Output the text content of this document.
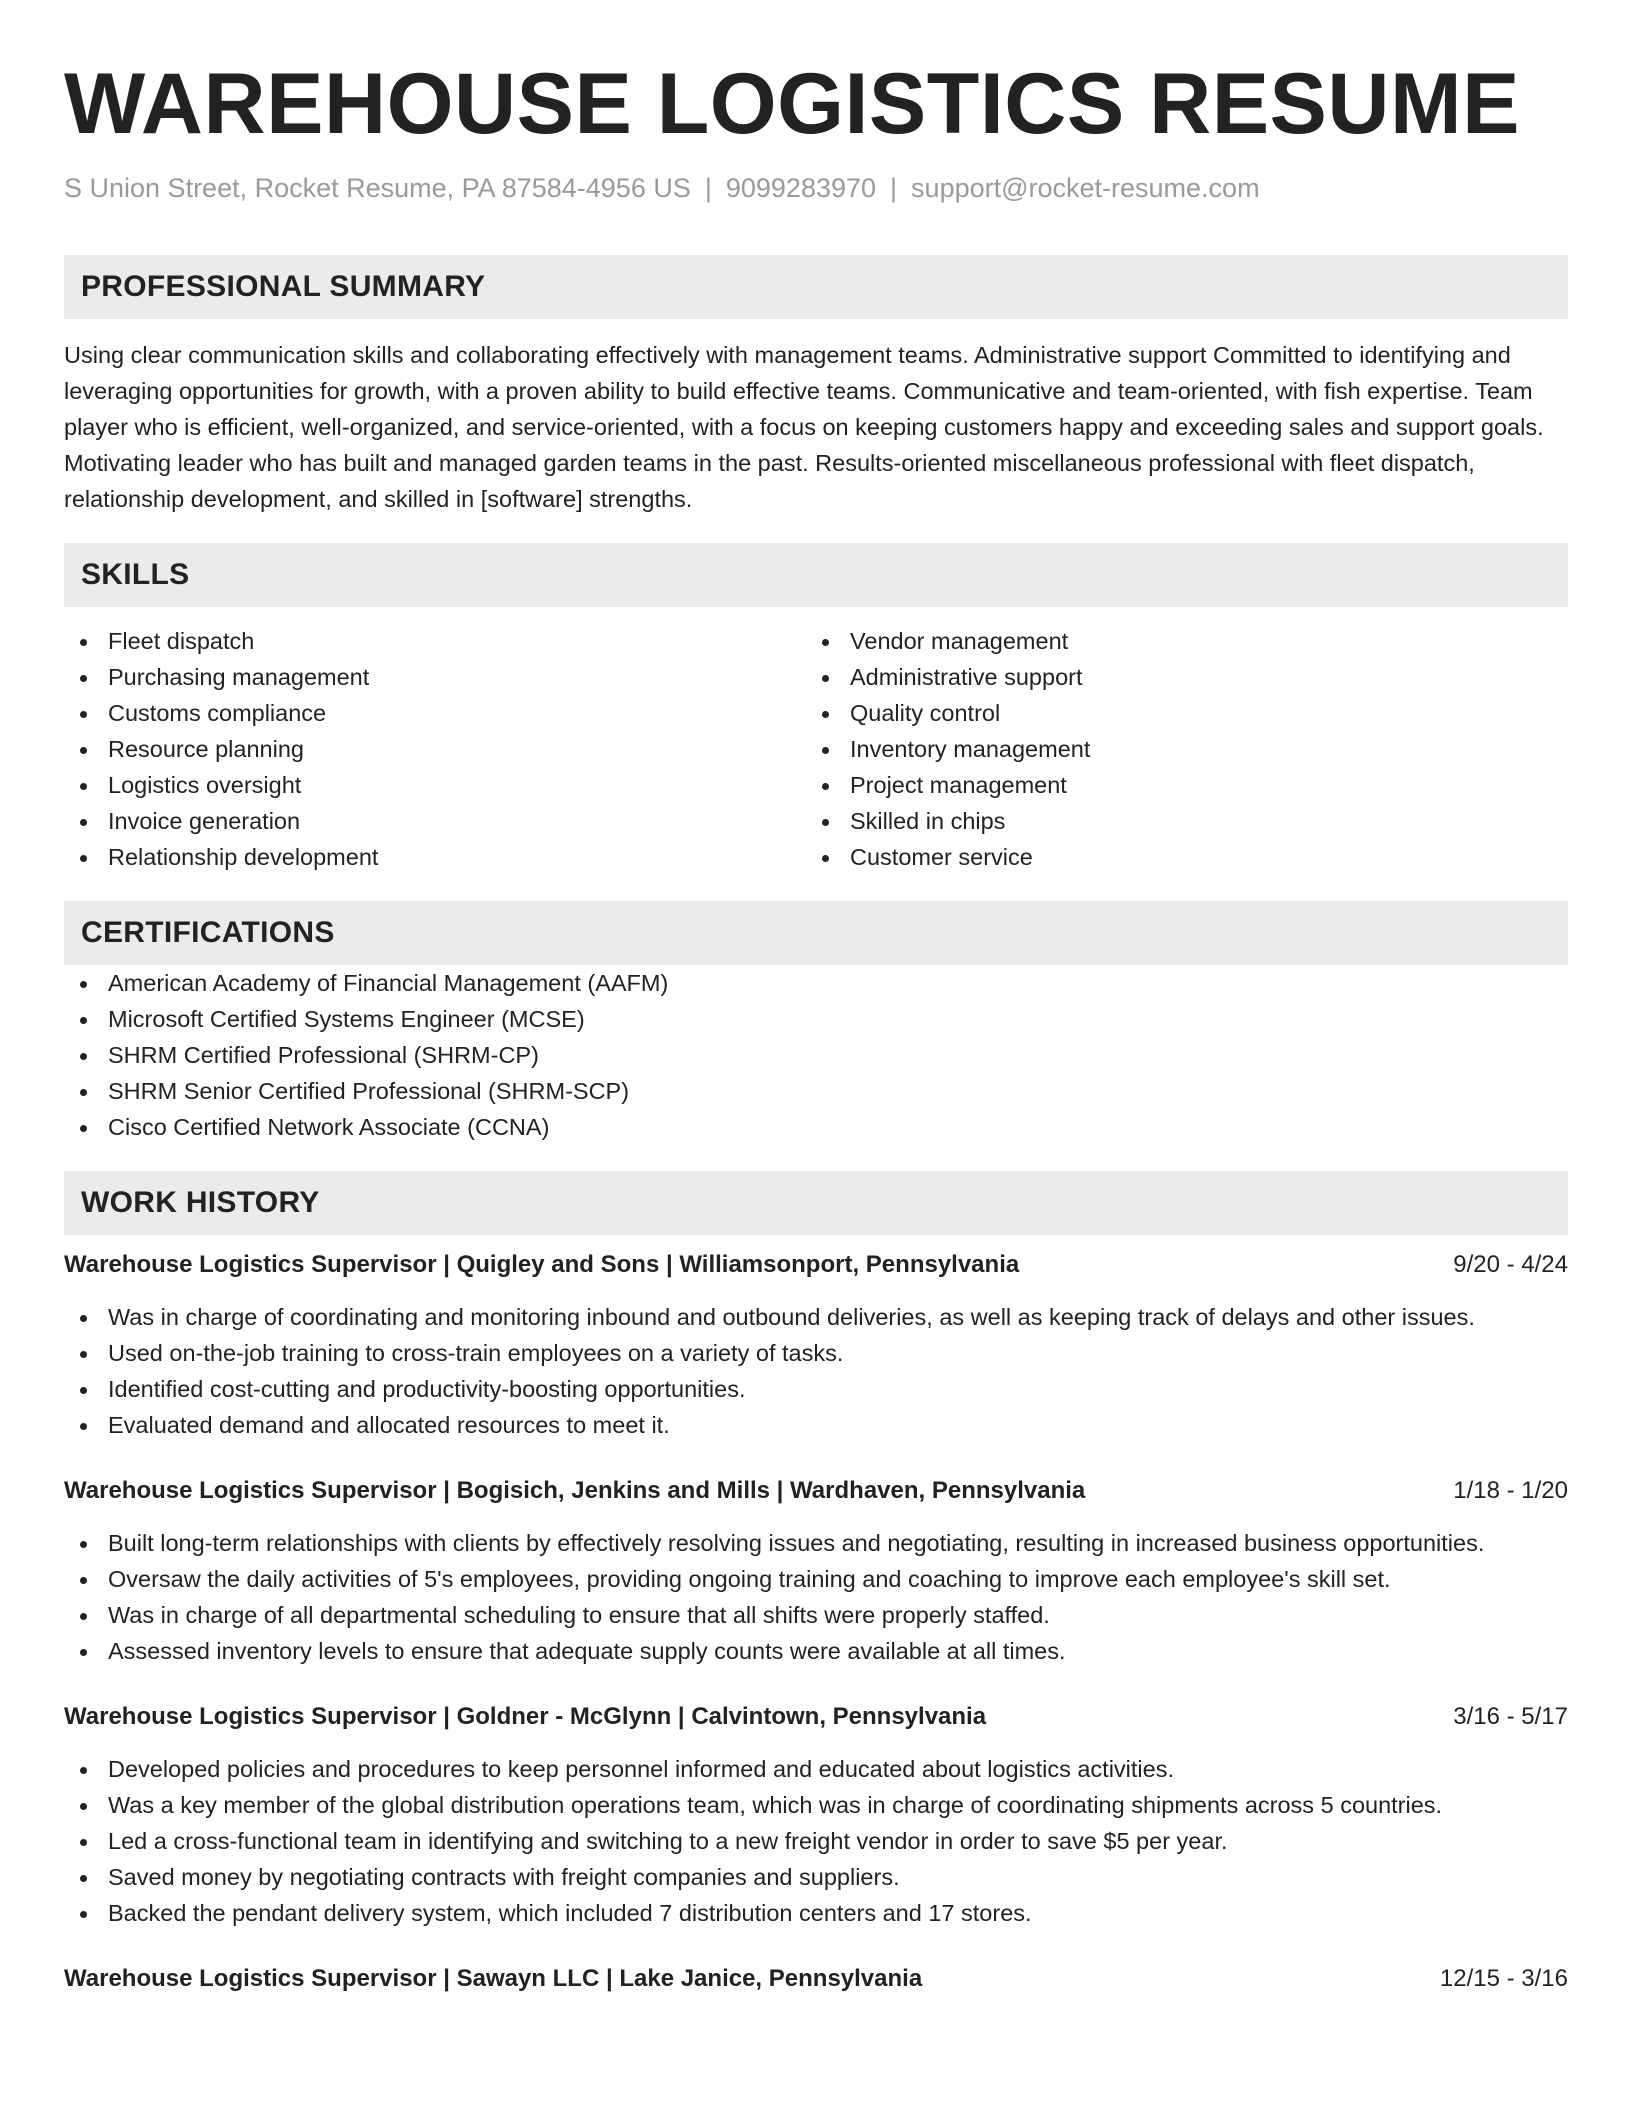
WAREHOUSE LOGISTICS RESUME
S Union Street, Rocket Resume, PA 87584-4956 US | 9099283970 | support@rocket-resume.com
PROFESSIONAL SUMMARY

Using clear communication skills and collaborating effectively with management teams. Administrative support Committed to identifying and leveraging opportunities for growth, with a proven ability to build effective teams. Communicative and team-oriented, with fish expertise. Team player who is efficient, well-organized, and service-oriented, with a focus on keeping customers happy and exceeding sales and support goals. Motivating leader who has built and managed garden teams in the past. Results-oriented miscellaneous professional with fleet dispatch, relationship development, and skilled in [software] strengths.

SKILLS
Fleet dispatch
Purchasing management
Customs compliance
Resource planning
Logistics oversight
Invoice generation
Relationship development
Vendor management
Administrative support
Quality control
Inventory management
Project management
Skilled in chips
Customer service
CERTIFICATIONS
American Academy of Financial Management (AAFM)
Microsoft Certified Systems Engineer (MCSE)
SHRM Certified Professional (SHRM-CP)
SHRM Senior Certified Professional (SHRM-SCP)
Cisco Certified Network Associate (CCNA)
WORK HISTORY
Warehouse Logistics Supervisor | Quigley and Sons | Williamsonport, Pennsylvania	9/20 - 4/24
Was in charge of coordinating and monitoring inbound and outbound deliveries, as well as keeping track of delays and other issues.
Used on-the-job training to cross-train employees on a variety of tasks.
Identified cost-cutting and productivity-boosting opportunities.
Evaluated demand and allocated resources to meet it.
Warehouse Logistics Supervisor | Bogisich, Jenkins and Mills | Wardhaven, Pennsylvania	1/18 - 1/20
Built long-term relationships with clients by effectively resolving issues and negotiating, resulting in increased business opportunities.
Oversaw the daily activities of 5's employees, providing ongoing training and coaching to improve each employee's skill set.
Was in charge of all departmental scheduling to ensure that all shifts were properly staffed.
Assessed inventory levels to ensure that adequate supply counts were available at all times.
Warehouse Logistics Supervisor | Goldner - McGlynn | Calvintown, Pennsylvania	3/16 - 5/17
Developed policies and procedures to keep personnel informed and educated about logistics activities.
Was a key member of the global distribution operations team, which was in charge of coordinating shipments across 5 countries.
Led a cross-functional team in identifying and switching to a new freight vendor in order to save $5 per year.
Saved money by negotiating contracts with freight companies and suppliers.
Backed the pendant delivery system, which included 7 distribution centers and 17 stores.
Warehouse Logistics Supervisor | Sawayn LLC | Lake Janice, Pennsylvania	12/15 - 3/16
